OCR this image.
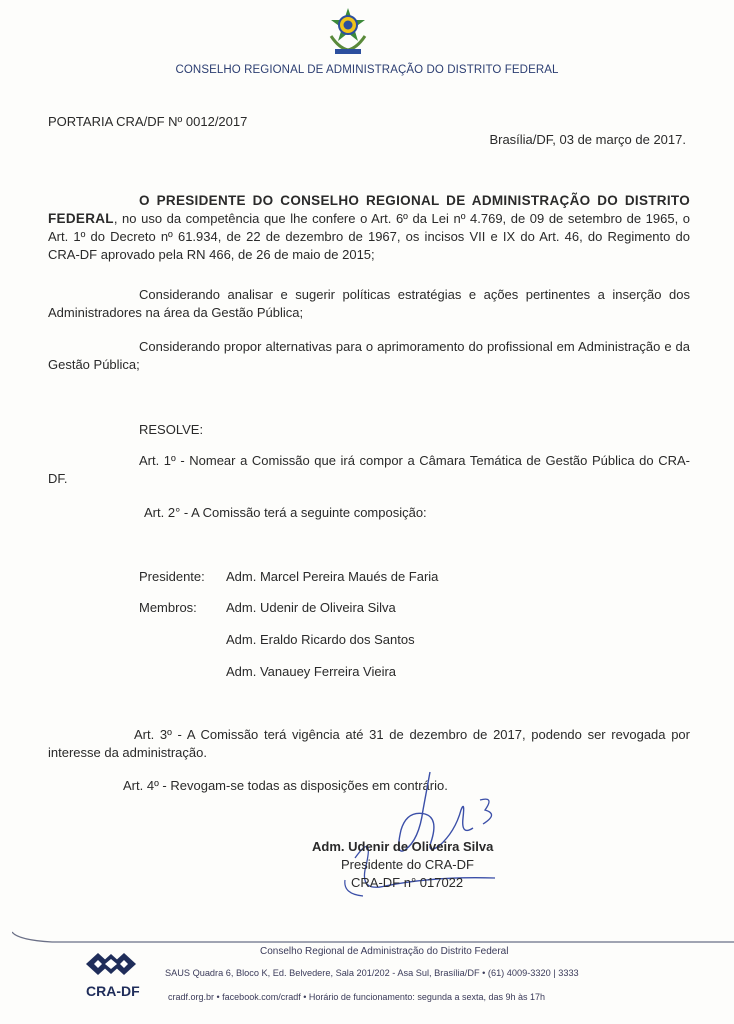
CONSELHO REGIONAL DE ADMINISTRAÇÃO DO DISTRITO FEDERAL
PORTARIA CRA/DF Nº 0012/2017
Brasília/DF, 03 de março de 2017.
O PRESIDENTE DO CONSELHO REGIONAL DE ADMINISTRAÇÃO DO DISTRITO FEDERAL, no uso da competência que lhe confere o Art. 6º da Lei nº 4.769, de 09 de setembro de 1965, o Art. 1º do Decreto nº 61.934, de 22 de dezembro de 1967, os incisos VII e IX do Art. 46, do Regimento do CRA-DF aprovado pela RN 466, de 26 de maio de 2015;
Considerando analisar e sugerir políticas estratégias e ações pertinentes a inserção dos Administradores na área da Gestão Pública;
Considerando propor alternativas para o aprimoramento do profissional em Administração e da Gestão Pública;
RESOLVE:
Art. 1º - Nomear a Comissão que irá compor a Câmara Temática de Gestão Pública do CRA-DF.
Art. 2° - A Comissão terá a seguinte composição:
Presidente: Adm. Marcel Pereira Maués de Faria
Membros: Adm. Udenir de Oliveira Silva
Adm. Eraldo Ricardo dos Santos
Adm. Vanauey Ferreira Vieira
Art. 3º - A Comissão terá vigência até 31 de dezembro de 2017, podendo ser revogada por interesse da administração.
Art. 4º - Revogam-se todas as disposições em contrário.
Adm. Udenir de Oliveira Silva
Presidente do CRA-DF
CRA-DF n° 017022
CRA-DF
Conselho Regional de Administração do Distrito Federal
SAUS Quadra 6, Bloco K, Ed. Belvedere, Sala 201/202 - Asa Sul, Brasília/DF • (61) 4009-3320 | 3333
cradf.org.br • facebook.com/cradf • Horário de funcionamento: segunda a sexta, das 9h às 17h
